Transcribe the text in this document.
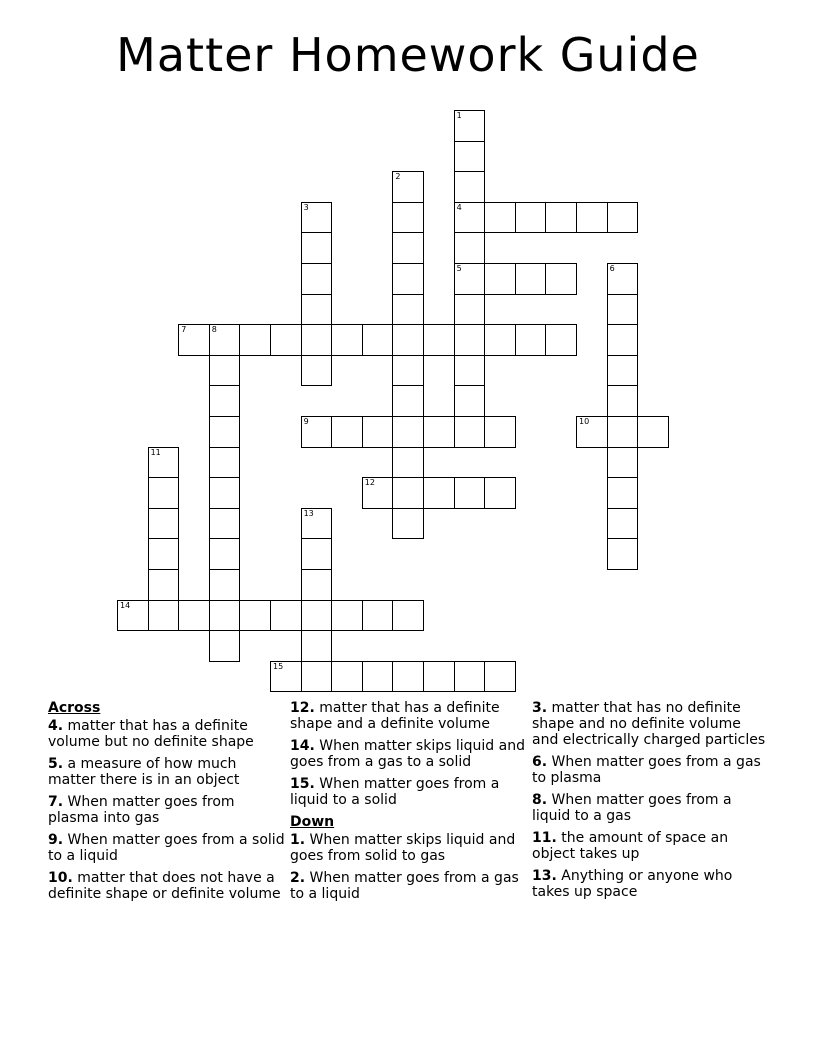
Matter Homework Guide
1
4
5
2
3
6
7	8
9	10
11
12
13
14
15
Across
4. matter that has a definite volume but no definite shape
5. a measure of how much matter there is in an object
7. When matter goes from plasma into gas
9. When matter goes from a solid to a liquid
10. matter that does not have a definite shape or definite volume
12. matter that has a definite shape and a definite volume
14. When matter skips liquid and goes from a gas to a solid
15. When matter goes from a liquid to a solid
Down
1. When matter skips liquid and goes from solid to gas
2. When matter goes from a gas to a liquid
3. matter that has no definite shape and no definite volume and electrically charged particles
6. When matter goes from a gas to plasma
8. When matter goes from a liquid to a gas
11. the amount of space an object takes up
13. Anything or anyone who takes up space
